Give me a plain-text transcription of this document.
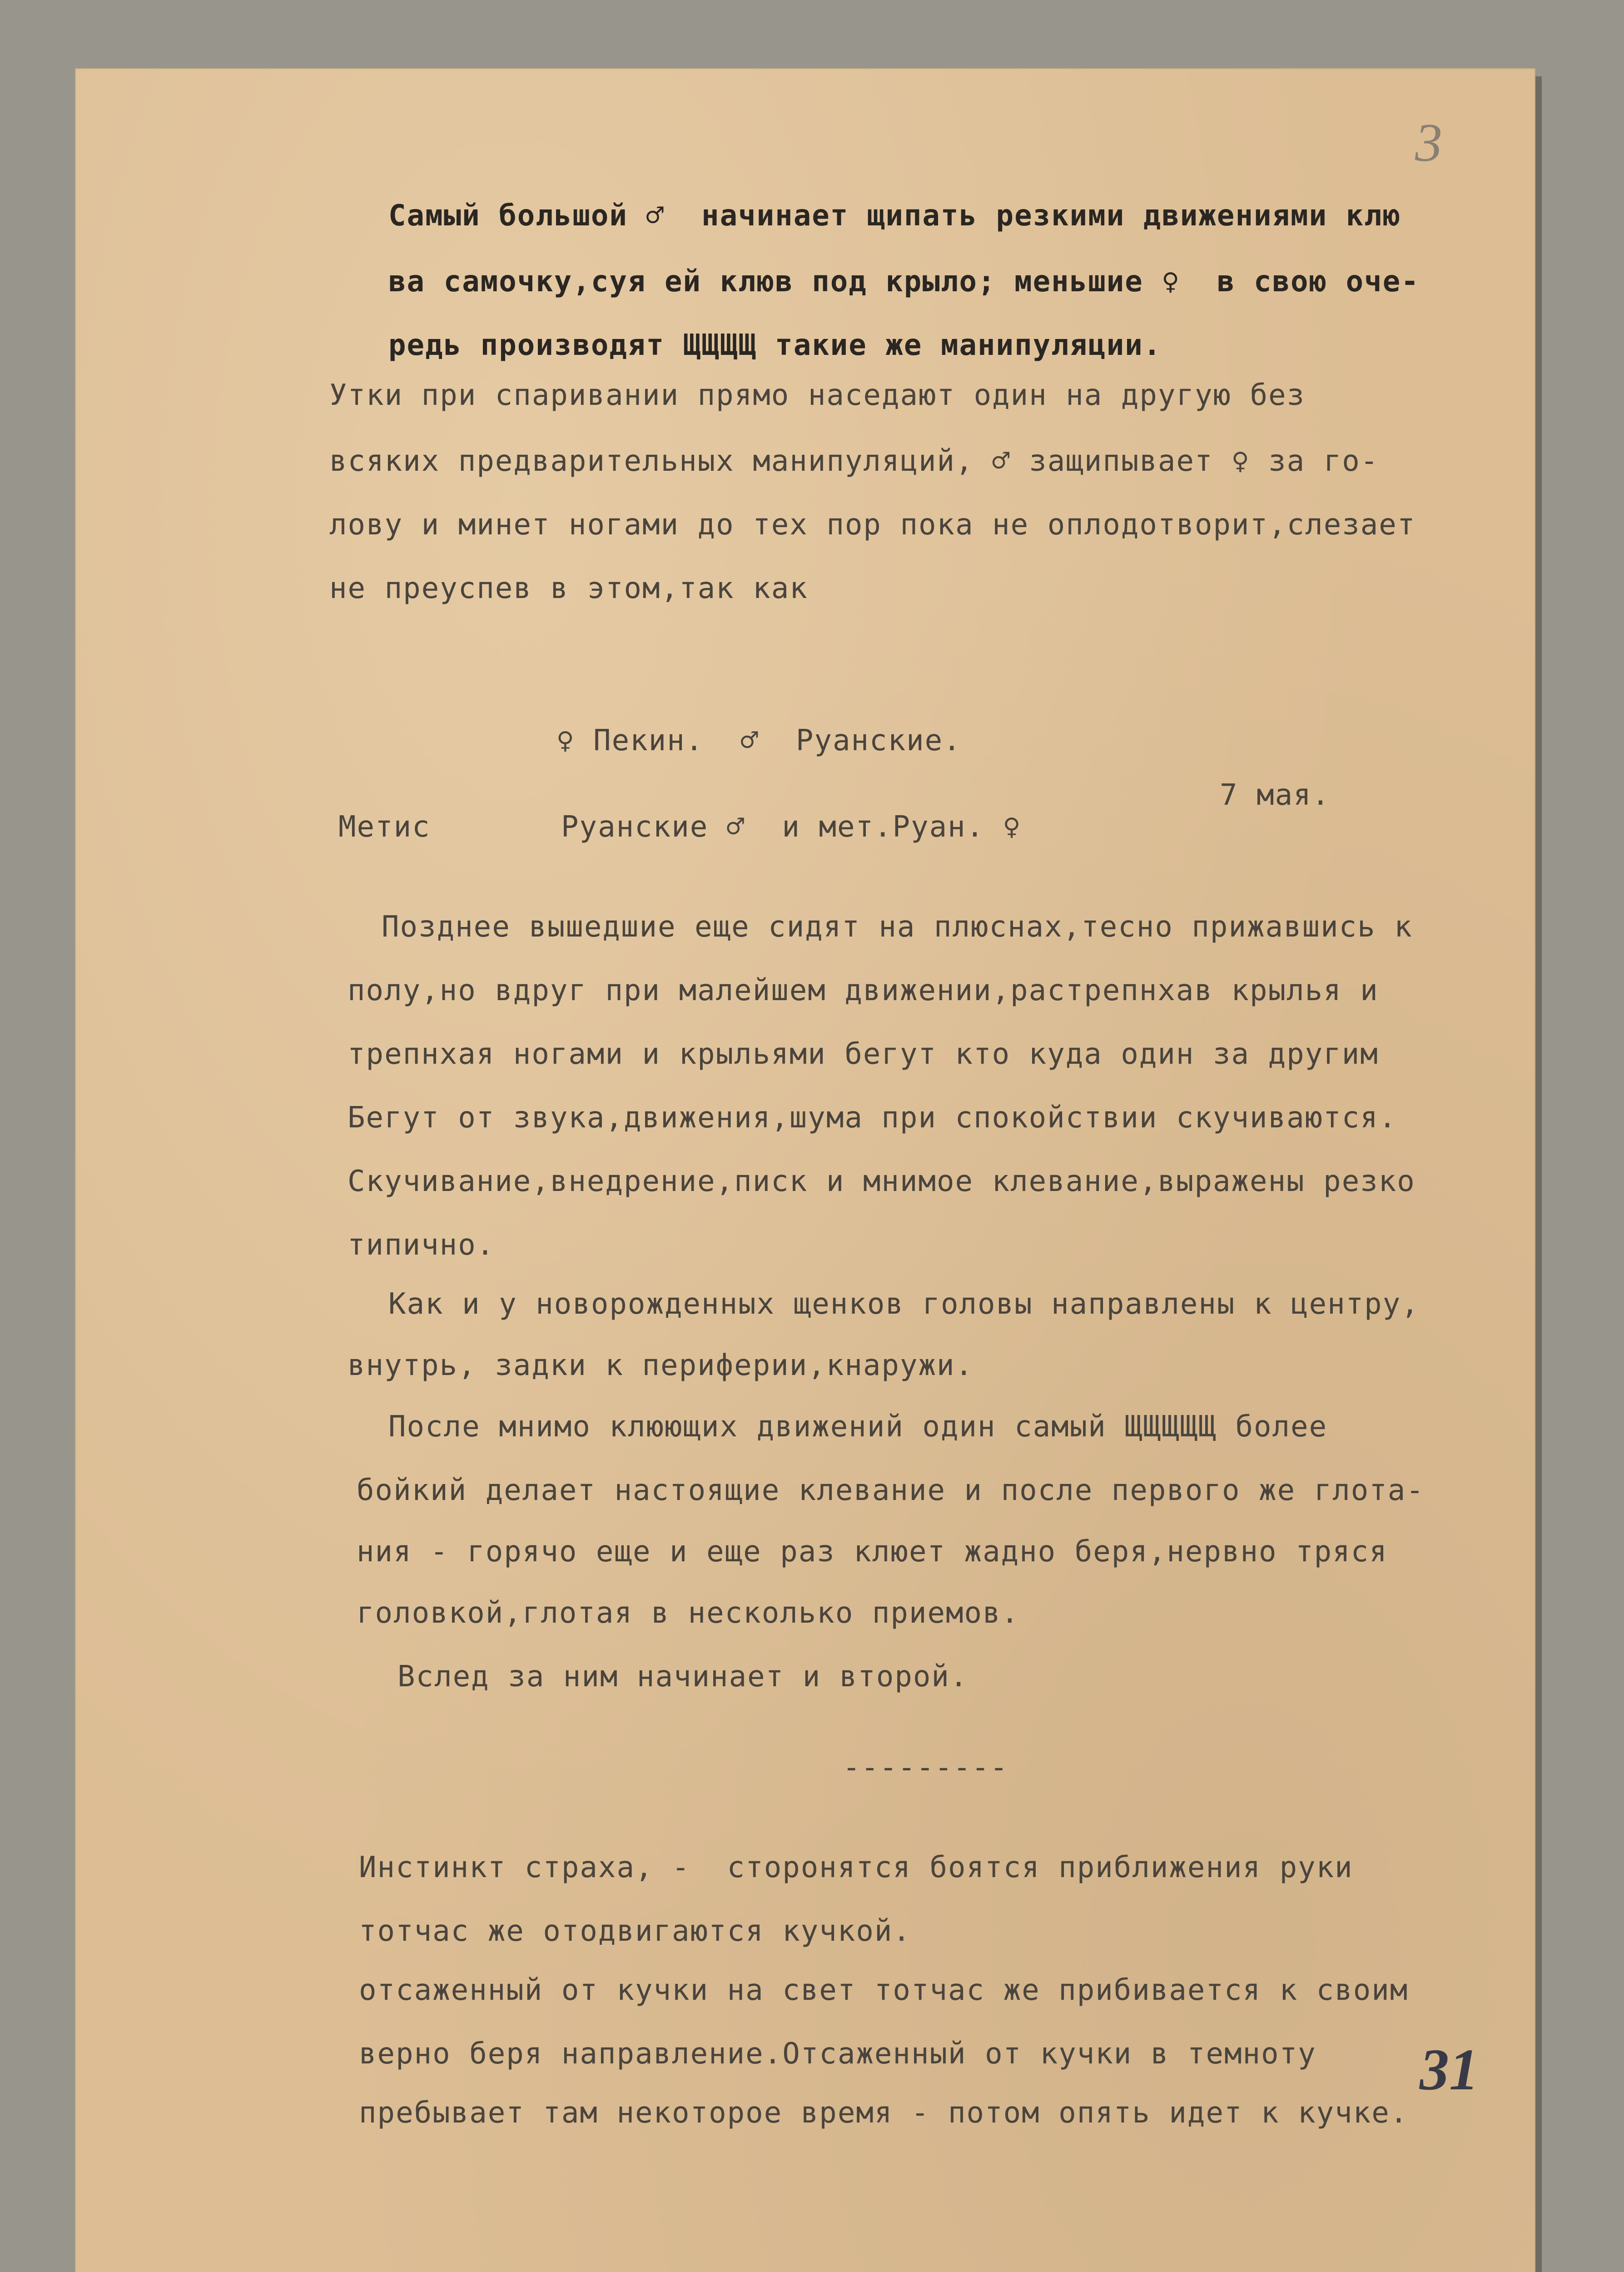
3
Самый большой ♂  начинает щипать резкими движениями клю
ва самочку,суя ей клюв под крыло; меньшие ♀  в свою оче-
редь производят ЩЩЩЩ такие же манипуляции.
Утки при спаривании прямо наседают один на другую без
всяких предварительных манипуляций, ♂ защипывает ♀ за го-
лову и минет ногами до тех пор пока не оплодотворит,слезает
не преуспев в этом,так как
♀ Пекин.  ♂  Руанские.
7 мая.
Метис	Руанские ♂  и мет.Руан. ♀
Позднее вышедшие еще сидят на плюснах,тесно прижавшись к
полу,но вдруг при малейшем движении,растрепнхав крылья и
трепнхая ногами и крыльями бегут кто куда один за другим
Бегут от звука,движения,шума при спокойствии скучиваются.
Скучивание,внедрение,писк и мнимое клевание,выражены резко
типично.
Как и у новорожденных щенков головы направлены к центру,
внутрь, задки к периферии,кнаружи.
После мнимо клюющих движений один самый ЩЩЩЩЩ более
бойкий делает настоящие клевание и после первого же глота-
ния - горячо еще и еще раз клюет жадно беря,нервно тряся
головкой,глотая в несколько приемов.
Вслед за ним начинает и второй.
---------
Инстинкт страха, -  сторонятся боятся приближения руки
тотчас же отодвигаются кучкой.
отсаженный от кучки на свет тотчас же прибивается к своим
верно беря направление.Отсаженный от кучки в темноту
пребывает там некоторое время - потом опять идет к кучке.
31
